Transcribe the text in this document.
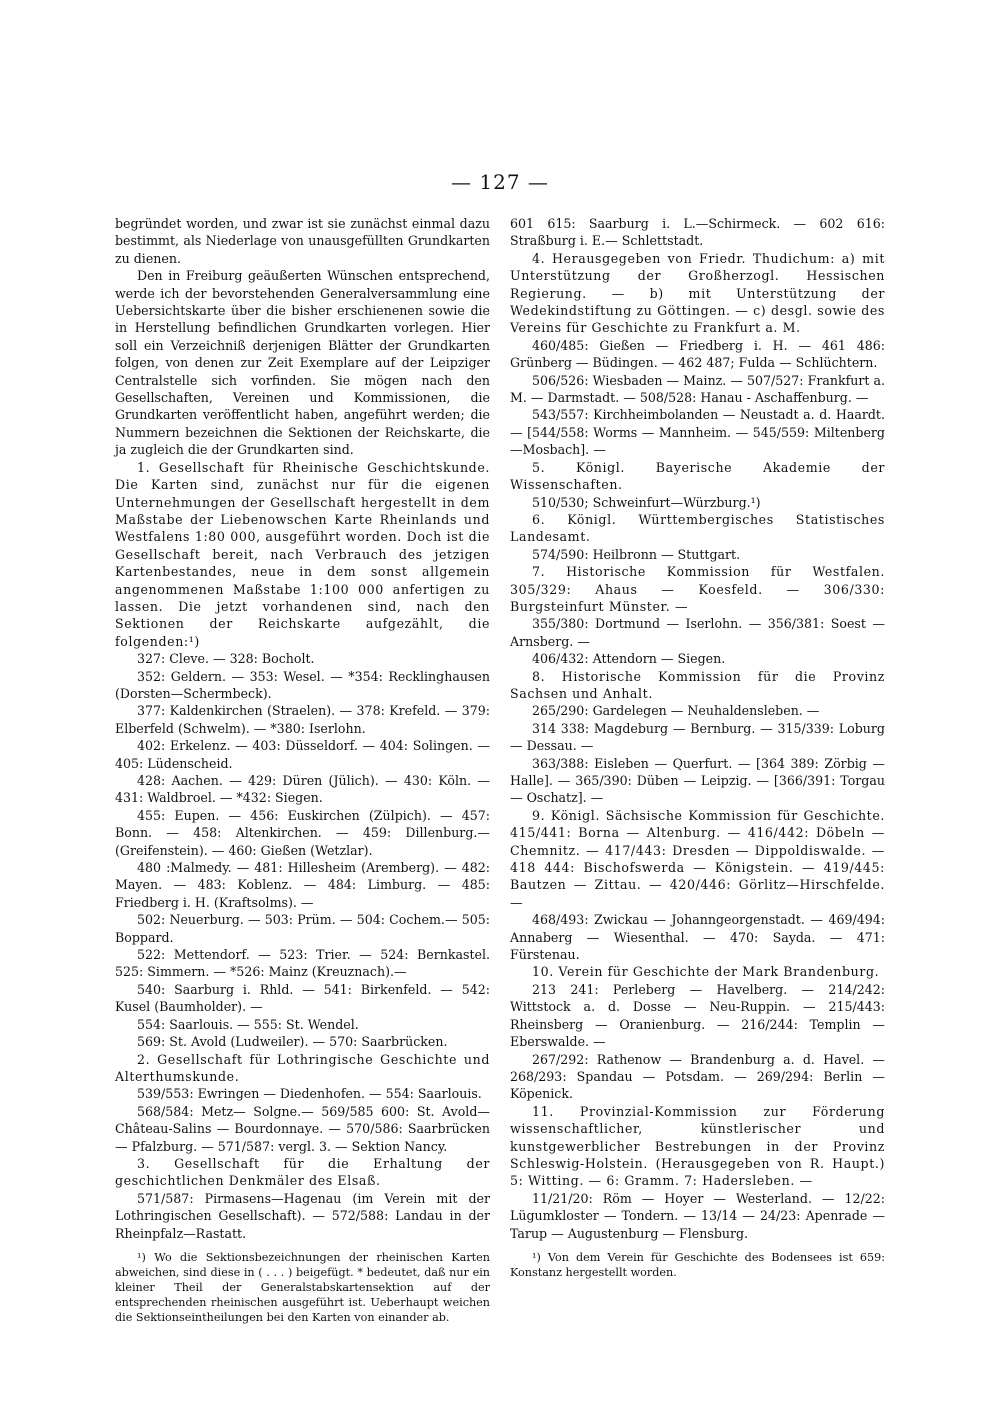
— 127 —

begründet worden, und zwar ist sie zunächst einmal dazu bestimmt, als Niederlage von unausgefüllten Grundkarten zu dienen.

Den in Freiburg geäußerten Wünschen entsprechend, werde ich der bevorstehenden Generalversammlung eine Uebersichtskarte über die bisher erschienenen sowie die in Herstellung befindlichen Grundkarten vorlegen. Hier soll ein Verzeichniß derjenigen Blätter der Grundkarten folgen, von denen zur Zeit Exemplare auf der Leipziger Centralstelle sich vorfinden. Sie mögen nach den Gesellschaften, Vereinen und Kommissionen, die Grundkarten veröffentlicht haben, angeführt werden; die Nummern bezeichnen die Sektionen der Reichskarte, die ja zugleich die der Grundkarten sind.

1. Gesellschaft für Rheinische Geschichtskunde. Die Karten sind, zunächst nur für die eigenen Unternehmungen der Gesellschaft hergestellt in dem Maßstabe der Liebenowschen Karte Rheinlands und Westfalens 1:80 000, ausgeführt worden. Doch ist die Gesellschaft bereit, nach Verbrauch des jetzigen Kartenbestandes, neue in dem sonst allgemein angenommenen Maßstabe 1:100 000 anfertigen zu lassen. Die jetzt vorhandenen sind, nach den Sektionen der Reichskarte aufgezählt, die folgenden:¹)

327: Cleve. — 328: Bocholt.

352: Geldern. — 353: Wesel. — *354: Recklinghausen (Dorsten—Schermbeck).

377: Kaldenkirchen (Straelen). — 378: Krefeld. — 379: Elberfeld (Schwelm). — *380: Iserlohn.

402: Erkelenz. — 403: Düsseldorf. — 404: Solingen. — 405: Lüdenscheid.

428: Aachen. — 429: Düren (Jülich). — 430: Köln. — 431: Waldbroel. — *432: Siegen.

455: Eupen. — 456: Euskirchen (Zülpich). — 457: Bonn. — 458: Altenkirchen. — 459: Dillenburg.— (Greifenstein). — 460: Gießen (Wetzlar).

480 :Malmedy. — 481: Hillesheim (Aremberg). — 482: Mayen. — 483: Koblenz. — 484: Limburg. — 485: Friedberg i. H. (Kraftsolms). —

502: Neuerburg. — 503: Prüm. — 504: Cochem.— 505: Boppard.

522: Mettendorf. — 523: Trier. — 524: Bernkastel. 525: Simmern. — *526: Mainz (Kreuznach).—

540: Saarburg i. Rhld. — 541: Birkenfeld. — 542: Kusel (Baumholder). —

554: Saarlouis. — 555: St. Wendel.

569: St. Avold (Ludweiler). — 570: Saarbrücken.

2. Gesellschaft für Lothringische Geschichte und Alterthumskunde.

539/553: Ewringen — Diedenhofen. — 554: Saarlouis.

568/584: Metz— Solgne.— 569/585 600: St. Avold— Château-Salins — Bourdonnaye. — 570/586: Saarbrücken — Pfalzburg. — 571/587: vergl. 3. — Sektion Nancy.

3. Gesellschaft für die Erhaltung der geschichtlichen Denkmäler des Elsaß.

571/587: Pirmasens—Hagenau (im Verein mit der Lothringischen Gesellschaft). — 572/588: Landau in der Rheinpfalz—Rastatt.

¹) Wo die Sektionsbezeichnungen der rheinischen Karten abweichen, sind diese in ( . . . ) beigefügt. * bedeutet, daß nur ein kleiner Theil der Generalstabskartensektion auf der entsprechenden rheinischen ausgeführt ist. Ueberhaupt weichen die Sektionseintheilungen bei den Karten von einander ab.

601 615: Saarburg i. L.—Schirmeck. — 602 616: Straßburg i. E.— Schlettstadt.

4. Herausgegeben von Friedr. Thudichum: a) mit Unterstützung der Großherzogl. Hessischen Regierung. — b) mit Unterstützung der Wedekindstiftung zu Göttingen. — c) desgl. sowie des Vereins für Geschichte zu Frankfurt a. M.

460/485: Gießen — Friedberg i. H. — 461 486: Grünberg — Büdingen. — 462 487; Fulda — Schlüchtern.

506/526: Wiesbaden — Mainz. — 507/527: Frankfurt a. M. — Darmstadt. — 508/528: Hanau - Aschaffenburg. —

543/557: Kirchheimbolanden — Neustadt a. d. Haardt. — [544/558: Worms — Mannheim. — 545/559: Miltenberg—Mosbach]. —

5. Königl. Bayerische Akademie der Wissenschaften.

510/530; Schweinfurt—Würzburg.¹)

6. Königl. Württembergisches Statistisches Landesamt.

574/590: Heilbronn — Stuttgart.

7. Historische Kommission für Westfalen. 305/329: Ahaus — Koesfeld. — 306/330: Burgsteinfurt Münster. —

355/380: Dortmund — Iserlohn. — 356/381: Soest —Arnsberg. —

406/432: Attendorn — Siegen.

8. Historische Kommission für die Provinz Sachsen und Anhalt.

265/290: Gardelegen — Neuhaldensleben. —

314 338: Magdeburg — Bernburg. — 315/339: Loburg — Dessau. —

363/388: Eisleben — Querfurt. — [364 389: Zörbig —Halle]. — 365/390: Düben — Leipzig. — [366/391: Torgau — Oschatz]. —

9. Königl. Sächsische Kommission für Geschichte. 415/441: Borna — Altenburg. — 416/442: Döbeln — Chemnitz. — 417/443: Dresden — Dippoldiswalde. — 418 444: Bischofswerda — Königstein. — 419/445: Bautzen — Zittau. — 420/446: Görlitz—Hirschfelde. —

468/493: Zwickau — Johanngeorgenstadt. — 469/494: Annaberg — Wiesenthal. — 470: Sayda. — 471: Fürstenau.

10. Verein für Geschichte der Mark Brandenburg.

213 241: Perleberg — Havelberg. — 214/242: Wittstock a. d. Dosse — Neu-Ruppin. — 215/443: Rheinsberg — Oranienburg. — 216/244: Templin — Eberswalde. —

267/292: Rathenow — Brandenburg a. d. Havel. — 268/293: Spandau — Potsdam. — 269/294: Berlin — Köpenick.

11. Provinzial-Kommission zur Förderung wissenschaftlicher, künstlerischer und kunstgewerblicher Bestrebungen in der Provinz Schleswig-Holstein. (Herausgegeben von R. Haupt.) 5: Witting. — 6: Gramm. 7: Hadersleben. —

11/21/20: Röm — Hoyer — Westerland. — 12/22: Lügumkloster — Tondern. — 13/14 — 24/23: Apenrade — Tarup — Augustenburg — Flensburg.

¹) Von dem Verein für Geschichte des Bodensees ist 659: Konstanz hergestellt worden.
